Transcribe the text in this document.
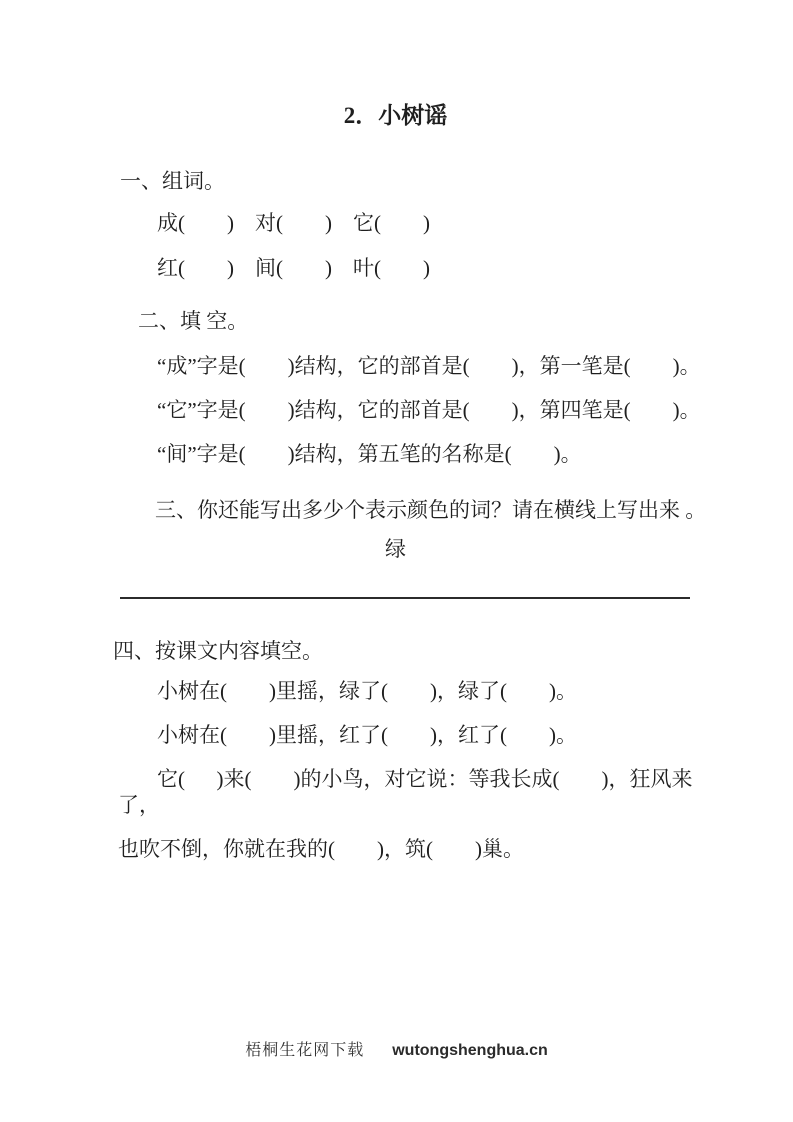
2．小树谣
一、组词。
成(        )    对(        )    它(        )
红(        )    间(        )    叶(        )
二、填 空。
“成”字是(        )结构，它的部首是(        )，第一笔是(        )。
“它”字是(        )结构，它的部首是(        )，第四笔是(        )。
“间”字是(        )结构，第五笔的名称是(        )。
三、你还能写出多少个表示颜色的词？请在横线上写出来 。
绿
四、按课文内容填空。
小树在(        )里摇，绿了(        )，绿了(        )。
小树在(        )里摇，红了(        )，红了(        )。
它(      )来(        )的小鸟，对它说：等我长成(        )，狂风来了，
也吹不倒，你就在我的(        )，筑(        )巢。
梧桐生花网下载 wutongshenghua.cn
